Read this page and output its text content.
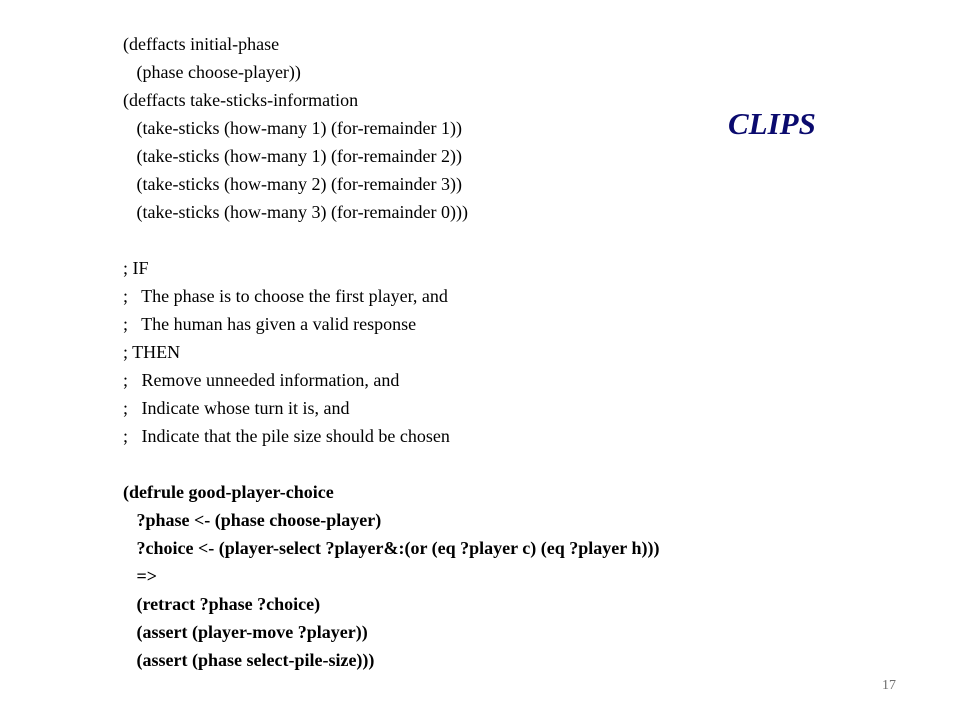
(deffacts initial-phase
(phase choose-player))
(deffacts take-sticks-information
(take-sticks (how-many 1) (for-remainder 1))
(take-sticks (how-many 1) (for-remainder 2))
(take-sticks (how-many 2) (for-remainder 3))
(take-sticks (how-many 3) (for-remainder 0)))
; IF
;   The phase is to choose the first player, and
;   The human has given a valid response
; THEN
;   Remove unneeded information, and
;   Indicate whose turn it is, and
;   Indicate that the pile size should be chosen
(defrule good-player-choice
?phase <- (phase choose-player)
?choice <- (player-select ?player&:(or (eq ?player c) (eq ?player h)))
=>
(retract ?phase ?choice)
(assert (player-move ?player))
(assert (phase select-pile-size)))
CLIPS
17
